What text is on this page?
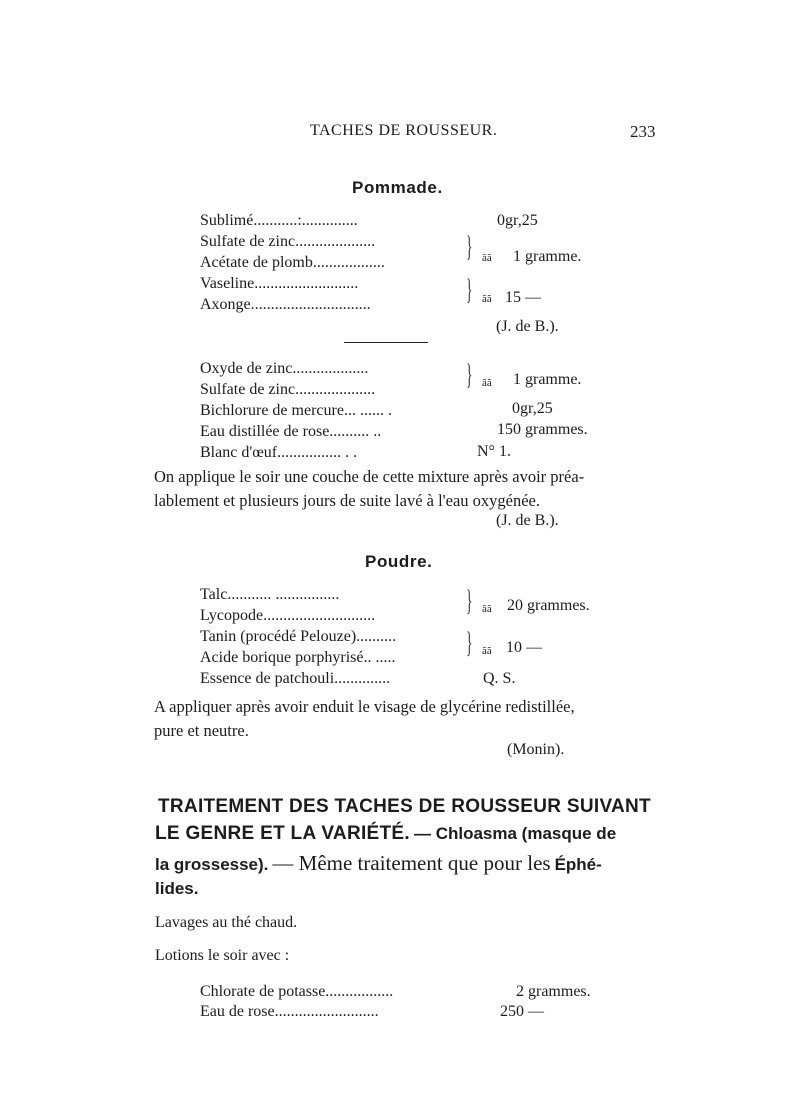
TACHES DE ROUSSEUR.	233
Pommade.
Sublimé...........:..............	0gr,25
Sulfate de zinc....................
Acétate de plomb..................	} ãã 1 gramme.
Vaseline..........................
Axonge..............................	} ãã 15 —
(J. de B.).
Oxyde de zinc...................
Sulfate de zinc....................	} ãã 1 gramme.
Bichlorure de mercure... ...... .	0gr,25
Eau distillée de rose.......... ..	150 grammes.
Blanc d'œuf................ . .	N° 1.
On applique le soir une couche de cette mixture après avoir préa-
lablement et plusieurs jours de suite lavé à l'eau oxygénée.
(J. de B.).
Poudre.
Talc........... ................
Lycopode............................	} ãã 20 grammes.
Tanin (procédé Pelouze)..........
Acide borique porphyrisé.. ..... } ãã 10 —
Essence de patchouli..............	Q. S.
A appliquer après avoir enduit le visage de glycérine redistillée,
pure et neutre.
(Monin).
TRAITEMENT DES TACHES DE ROUSSEUR SUIVANT
LE GENRE ET LA VARIÉTÉ. — Chloasma (masque de
la grossesse). — Même traitement que pour les Éphé-
lides.
Lavages au thé chaud.
Lotions le soir avec :
Chlorate de potasse.................	2 grammes.
Eau de rose..........................	250 —
